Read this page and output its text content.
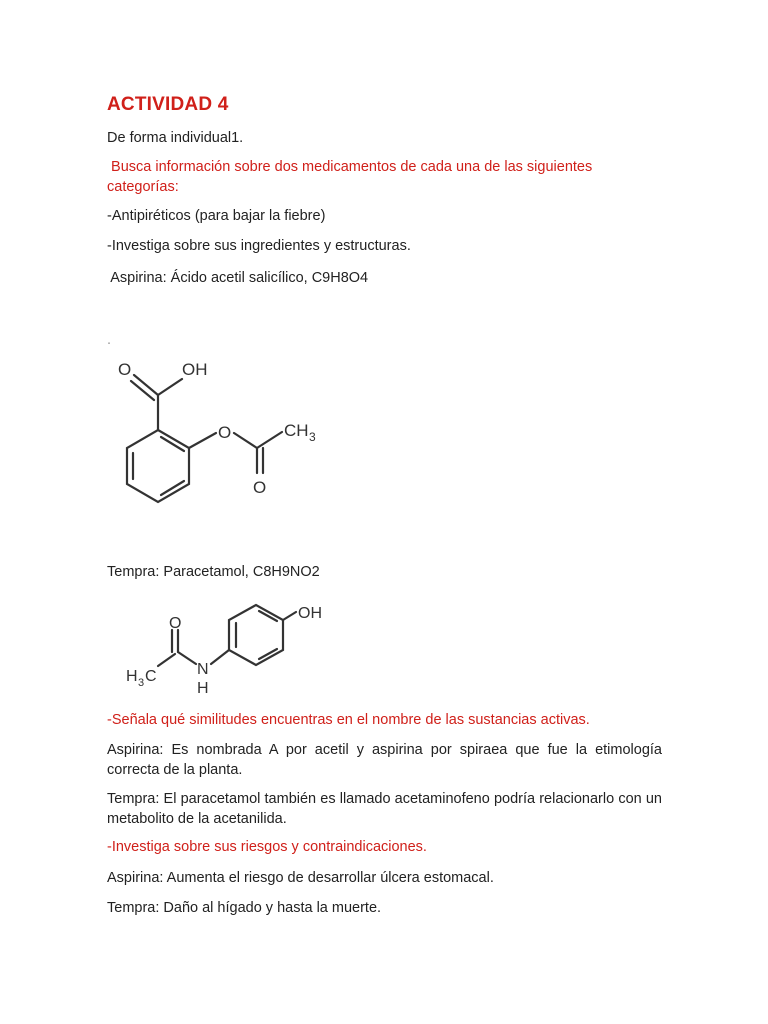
ACTIVIDAD 4
De forma individual1.
Busca información sobre dos medicamentos de cada una de las siguientes categorías:
-Antipiréticos (para bajar la fiebre)
-Investiga sobre sus ingredientes y estructuras.
Aspirina: Ácido acetil salicílico, C9H8O4
.
O	OH
O	CH 3
O
Tempra: Paracetamol, C8H9NO2
OH
O
H 3 C	N
H
-Señala qué similitudes encuentras en el nombre de las sustancias activas.
Aspirina: Es nombrada A por acetil y aspirina por spiraea que fue la etimología correcta de la planta.
Tempra: El paracetamol también es llamado acetaminofeno podría relacionarlo con un metabolito de la acetanilida.
-Investiga sobre sus riesgos y contraindicaciones.
Aspirina: Aumenta el riesgo de desarrollar úlcera estomacal.
Tempra: Daño al hígado y hasta la muerte.
